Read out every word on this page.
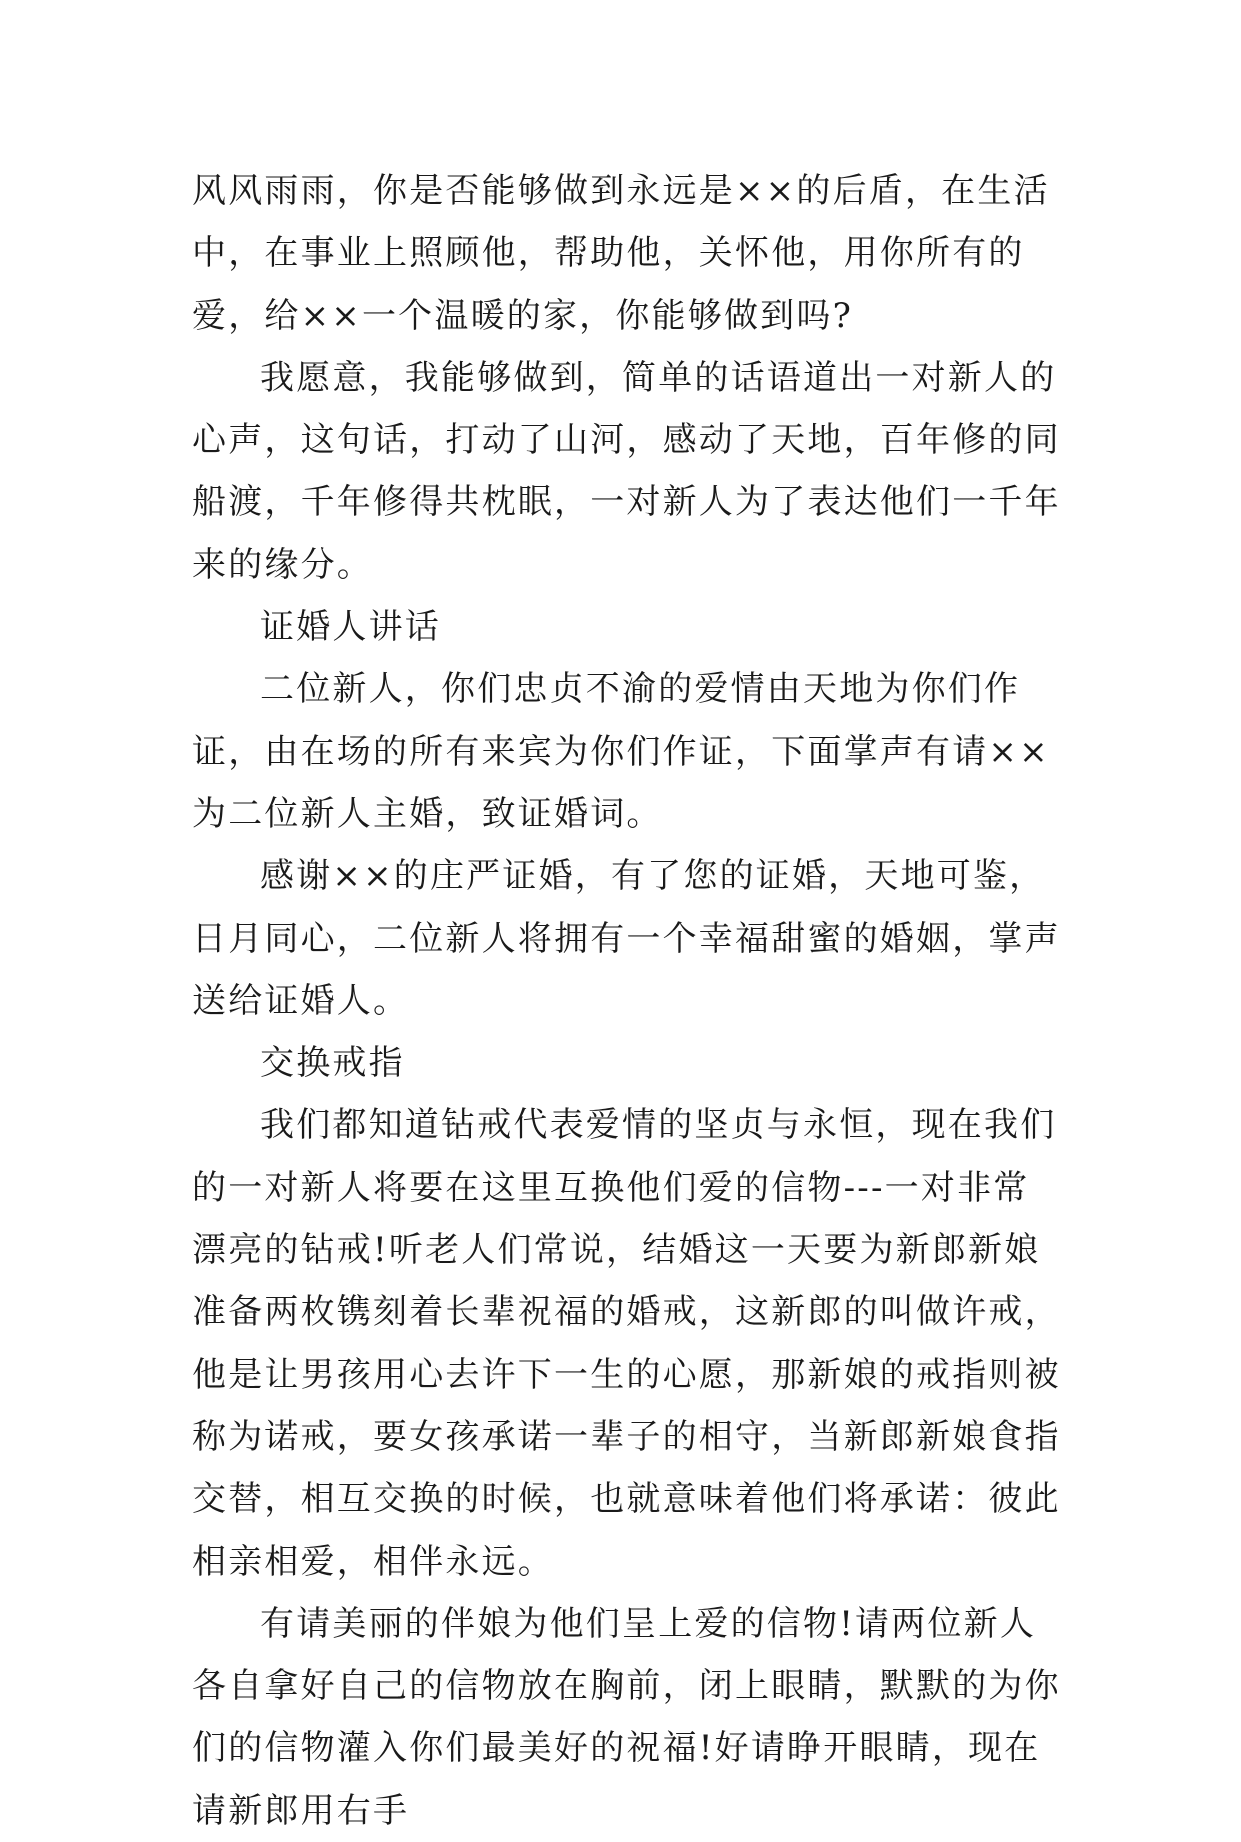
风风雨雨，你是否能够做到永远是××的后盾，在生活中，在事业上照顾他，帮助他，关怀他，用你所有的爱，给××一个温暖的家，你能够做到吗?

我愿意，我能够做到，简单的话语道出一对新人的心声，这句话，打动了山河，感动了天地，百年修的同船渡，千年修得共枕眠，一对新人为了表达他们一千年来的缘分。

证婚人讲话

二位新人，你们忠贞不渝的爱情由天地为你们作证，由在场的所有来宾为你们作证，下面掌声有请××为二位新人主婚，致证婚词。

感谢××的庄严证婚，有了您的证婚，天地可鉴，日月同心，二位新人将拥有一个幸福甜蜜的婚姻，掌声送给证婚人。

交换戒指

我们都知道钻戒代表爱情的坚贞与永恒，现在我们的一对新人将要在这里互换他们爱的信物---一对非常漂亮的钻戒!听老人们常说，结婚这一天要为新郎新娘准备两枚镌刻着长辈祝福的婚戒，这新郎的叫做许戒，他是让男孩用心去许下一生的心愿，那新娘的戒指则被称为诺戒，要女孩承诺一辈子的相守，当新郎新娘食指交替，相互交换的时候，也就意味着他们将承诺：彼此相亲相爱，相伴永远。

有请美丽的伴娘为他们呈上爱的信物!请两位新人各自拿好自己的信物放在胸前，闭上眼睛，默默的为你们的信物灌入你们最美好的祝福!好请睁开眼睛，现在请新郎用右手
